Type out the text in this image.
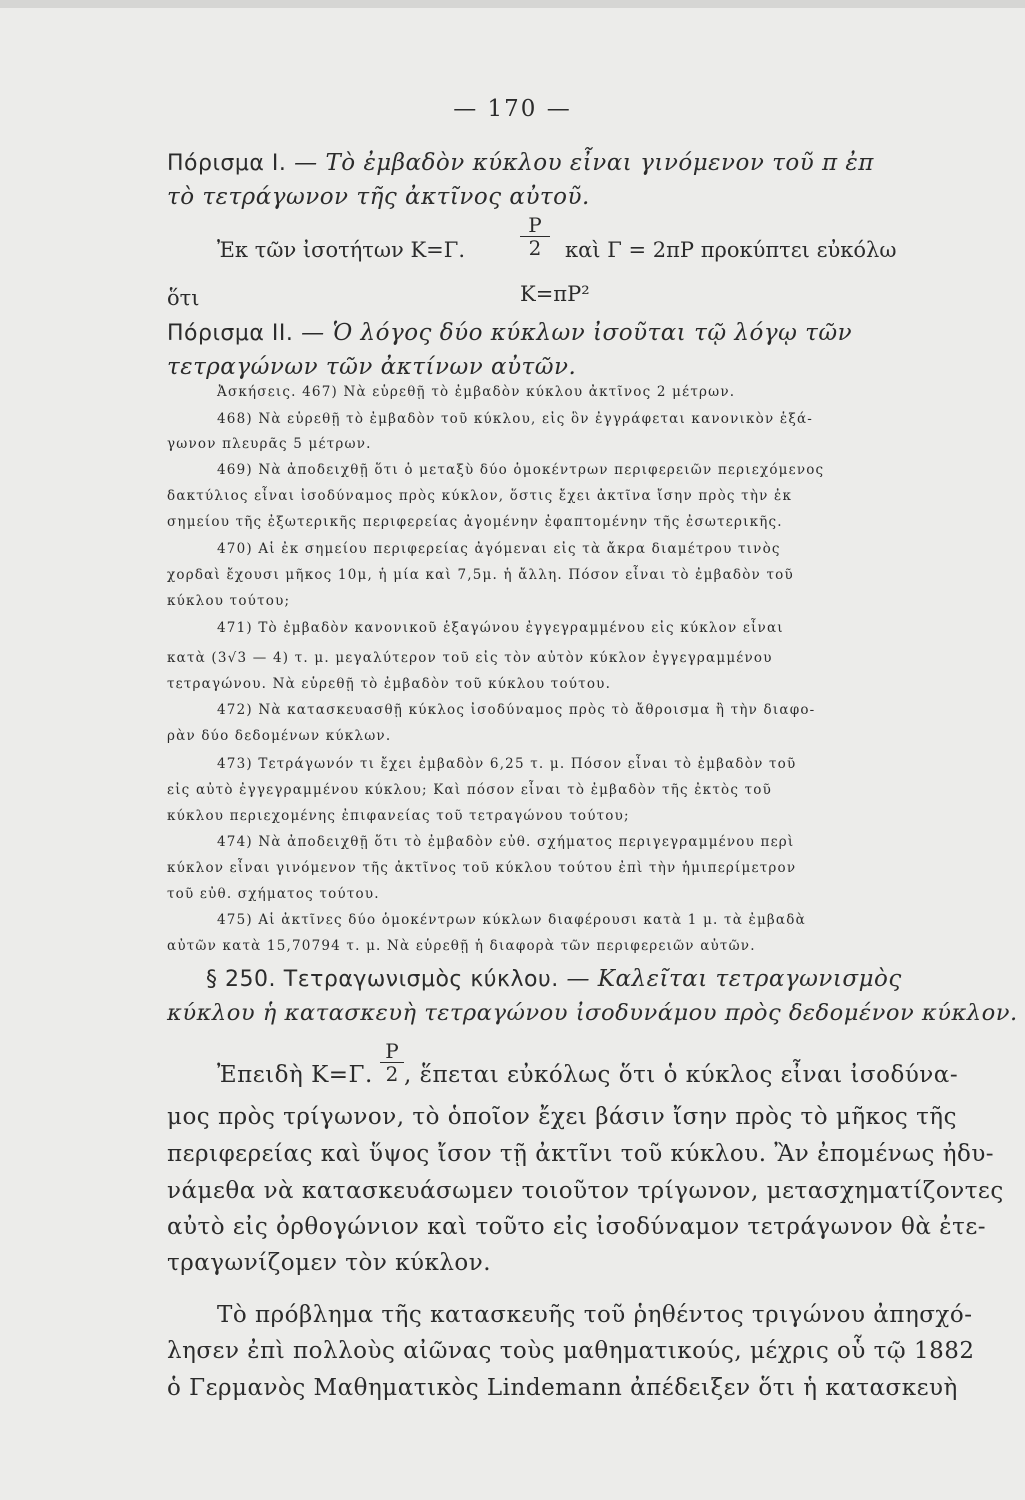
— 170 —
Πόρισμα I. — Τὸ ἐμβαδὸν κύκλου εἶναι γινόμενον τοῦ π ἐπ
τὸ τετράγωνον τῆς ἀκτῖνος αὐτοῦ.
Ἐκ τῶν ἰσοτήτων Κ=Γ.	$\frac{P}{2}$ καὶ Γ = 2πΡ προκύπτει εὐκόλω
ὅτι	Κ=πΡ²
Πόρισμα II. — Ὁ λόγος δύο κύκλων ἰσοῦται τῷ λόγῳ τῶν
τετραγώνων τῶν ἀκτίνων αὐτῶν.
Ἀσκήσεις. 467) Νὰ εὑρεθῇ τὸ ἐμβαδὸν κύκλου ἀκτῖνος 2 μέτρων.
468) Νὰ εὑρεθῇ τὸ ἐμβαδὸν τοῦ κύκλου, εἰς ὃν ἐγγράφεται κανονικὸν ἑξά-
γωνον πλευρᾶς 5 μέτρων.
469) Νὰ ἀποδειχθῇ ὅτι ὁ μεταξὺ δύο ὁμοκέντρων περιφερειῶν περιεχόμενος
δακτύλιος εἶναι ἰσοδύναμος πρὸς κύκλον, ὅστις ἔχει ἀκτῖνα ἴσην πρὸς τὴν ἐκ
σημείου τῆς ἐξωτερικῆς περιφερείας ἀγομένην ἐφαπτομένην τῆς ἐσωτερικῆς.
470) Αἱ ἐκ σημείου περιφερείας ἀγόμεναι εἰς τὰ ἄκρα διαμέτρου τινὸς
χορδαὶ ἔχουσι μῆκος 10μ, ἡ μία καὶ 7,5μ. ἡ ἄλλη. Πόσον εἶναι τὸ ἐμβαδὸν τοῦ
κύκλου τούτου;
471) Τὸ ἐμβαδὸν κανονικοῦ ἑξαγώνου ἐγγεγραμμένου εἰς κύκλον εἶναι
κατὰ (3√3 — 4) τ. μ. μεγαλύτερον τοῦ εἰς τὸν αὐτὸν κύκλον ἐγγεγραμμένου
τετραγώνου. Νὰ εὑρεθῇ τὸ ἐμβαδὸν τοῦ κύκλου τούτου.
472) Νὰ κατασκευασθῇ κύκλος ἰσοδύναμος πρὸς τὸ ἄθροισμα ἢ τὴν διαφο-
ρὰν δύο δεδομένων κύκλων.
473) Τετράγωνόν τι ἔχει ἐμβαδὸν 6,25 τ. μ. Πόσον εἶναι τὸ ἐμβαδὸν τοῦ
εἰς αὐτὸ ἐγγεγραμμένου κύκλου; Καὶ πόσον εἶναι τὸ ἐμβαδὸν τῆς ἐκτὸς τοῦ
κύκλου περιεχομένης ἐπιφανείας τοῦ τετραγώνου τούτου;
474) Νὰ ἀποδειχθῇ ὅτι τὸ ἐμβαδὸν εὐθ. σχήματος περιγεγραμμένου περὶ
κύκλον εἶναι γινόμενον τῆς ἀκτῖνος τοῦ κύκλου τούτου ἐπὶ τὴν ἡμιπερίμετρον
τοῦ εὐθ. σχήματος τούτου.
475) Αἱ ἀκτῖνες δύο ὁμοκέντρων κύκλων διαφέρουσι κατὰ 1 μ. τὰ ἐμβαδὰ
αὐτῶν κατὰ 15,70794 τ. μ. Νὰ εὑρεθῇ ἡ διαφορὰ τῶν περιφερειῶν αὐτῶν.
§ 250. Τετραγωνισμὸς κύκλου. — Καλεῖται τετραγωνισμὸς
κύκλου ἡ κατασκευὴ τετραγώνου ἰσοδυνάμου πρὸς δεδομένον κύκλον.
Ἐπειδὴ Κ=Γ. $\frac{P}{2}$ , ἕπεται εὐκόλως ὅτι ὁ κύκλος εἶναι ἰσοδύνα-
μος πρὸς τρίγωνον, τὸ ὁποῖον ἔχει βάσιν ἴσην πρὸς τὸ μῆκος τῆς
περιφερείας καὶ ὕψος ἴσον τῇ ἀκτῖνι τοῦ κύκλου. Ἂν ἐπομένως ἠδυ-
νάμεθα νὰ κατασκευάσωμεν τοιοῦτον τρίγωνον, μετασχηματίζοντες
αὐτὸ εἰς ὀρθογώνιον καὶ τοῦτο εἰς ἰσοδύναμον τετράγωνον θὰ ἐτε-
τραγωνίζομεν τὸν κύκλον.
Τὸ πρόβλημα τῆς κατασκευῆς τοῦ ῥηθέντος τριγώνου ἀπησχό-
λησεν ἐπὶ πολλοὺς αἰῶνας τοὺς μαθηματικούς, μέχρις οὗ τῷ 1882
ὁ Γερμανὸς Μαθηματικὸς Lindemann ἀπέδειξεν ὅτι ἡ κατασκευὴ
